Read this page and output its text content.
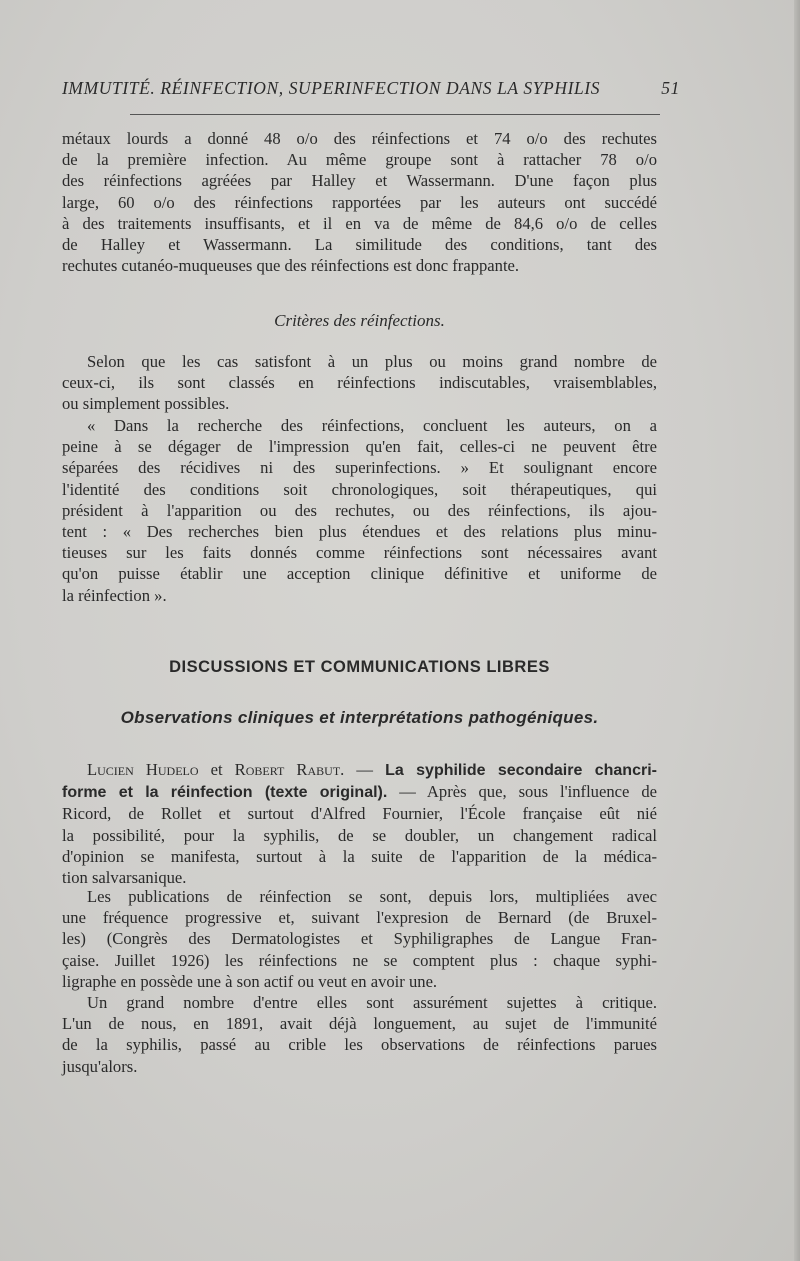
IMMUTITÉ. RÉINFECTION, SUPERINFECTION DANS LA SYPHILIS	51
métaux lourds a donné 48 o/o des réinfections et 74 o/o des rechutes
de la première infection. Au même groupe sont à rattacher 78 o/o
des réinfections agréées par Halley et Wassermann. D'une façon plus
large, 60 o/o des réinfections rapportées par les auteurs ont succédé
à des traitements insuffisants, et il en va de même de 84,6 o/o de celles
de Halley et Wassermann. La similitude des conditions, tant des
rechutes cutanéo-muqueuses que des réinfections est donc frappante.
Critères des réinfections.
Selon que les cas satisfont à un plus ou moins grand nombre de
ceux-ci, ils sont classés en réinfections indiscutables, vraisemblables,
ou simplement possibles.
« Dans la recherche des réinfections, concluent les auteurs, on a
peine à se dégager de l'impression qu'en fait, celles-ci ne peuvent être
séparées des récidives ni des superinfections. » Et soulignant encore
l'identité des conditions soit chronologiques, soit thérapeutiques, qui
président à l'apparition ou des rechutes, ou des réinfections, ils ajou-
tent : « Des recherches bien plus étendues et des relations plus minu-
tieuses sur les faits donnés comme réinfections sont nécessaires avant
qu'on puisse établir une acception clinique définitive et uniforme de
la réinfection ».
DISCUSSIONS ET COMMUNICATIONS LIBRES
Observations cliniques et interprétations pathogéniques.
Lucien Hudelo et Robert Rabut. — La syphilide secondaire chancri-
forme et la réinfection (texte original). — Après que, sous l'influence de
Ricord, de Rollet et surtout d'Alfred Fournier, l'École française eût nié
la possibilité, pour la syphilis, de se doubler, un changement radical
d'opinion se manifesta, surtout à la suite de l'apparition de la médica-
tion salvarsanique.
Les publications de réinfection se sont, depuis lors, multipliées avec
une fréquence progressive et, suivant l'expresion de Bernard (de Bruxel-
les) (Congrès des Dermatologistes et Syphiligraphes de Langue Fran-
çaise. Juillet 1926) les réinfections ne se comptent plus : chaque syphi-
ligraphe en possède une à son actif ou veut en avoir une.
Un grand nombre d'entre elles sont assurément sujettes à critique.
L'un de nous, en 1891, avait déjà longuement, au sujet de l'immunité
de la syphilis, passé au crible les observations de réinfections parues
jusqu'alors.
